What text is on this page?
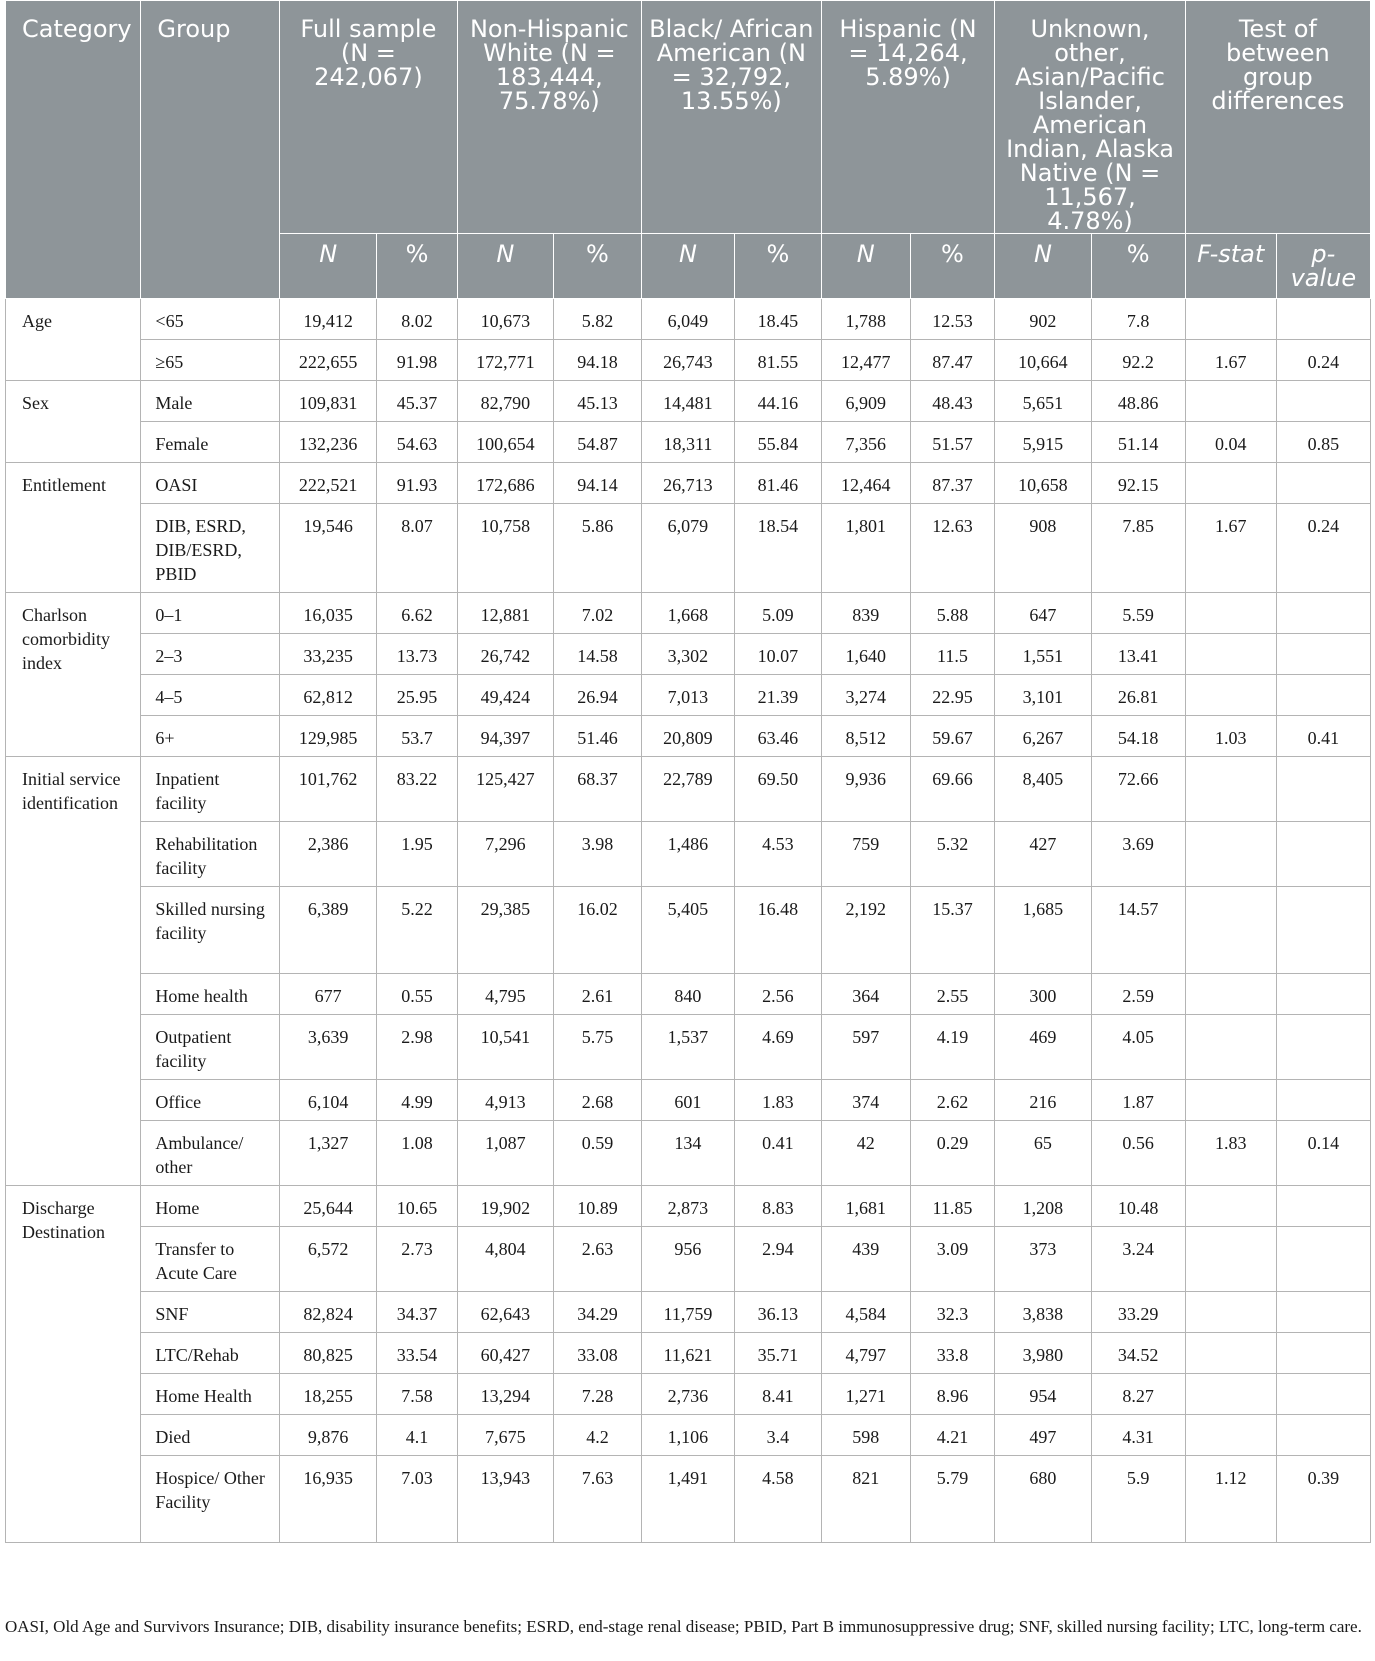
Category	Group	Full sample (N = 242,067)		Non-Hispanic White (N = 183,444, 75.78%)		Black/ African American (N = 32,792, 13.55%)		Hispanic (N = 14,264, 5.89%)		Unknown, other, Asian/Pacific Islander, American Indian, Alaska Native (N = 11,567, 4.78%)		Test of between group differences	
		N	%	N	%	N	%	N	%	N	%	F-stat	p-value
Age	<65	19,412	8.02	10,673	5.82	6,049	18.45	1,788	12.53	902	7.8		
	≥65	222,655	91.98	172,771	94.18	26,743	81.55	12,477	87.47	10,664	92.2	1.67	0.24
Sex	Male	109,831	45.37	82,790	45.13	14,481	44.16	6,909	48.43	5,651	48.86		
	Female	132,236	54.63	100,654	54.87	18,311	55.84	7,356	51.57	5,915	51.14	0.04	0.85
Entitlement	OASI	222,521	91.93	172,686	94.14	26,713	81.46	12,464	87.37	10,658	92.15		
	DIB, ESRD, DIB/ESRD, PBID	19,546	8.07	10,758	5.86	6,079	18.54	1,801	12.63	908	7.85	1.67	0.24
Charlson comorbidity index	0–1	16,035	6.62	12,881	7.02	1,668	5.09	839	5.88	647	5.59		
	2–3	33,235	13.73	26,742	14.58	3,302	10.07	1,640	11.5	1,551	13.41		
	4–5	62,812	25.95	49,424	26.94	7,013	21.39	3,274	22.95	3,101	26.81		
	6+	129,985	53.7	94,397	51.46	20,809	63.46	8,512	59.67	6,267	54.18	1.03	0.41
Initial service identification	Inpatient facility	101,762	83.22	125,427	68.37	22,789	69.50	9,936	69.66	8,405	72.66		
	Rehabilitation facility	2,386	1.95	7,296	3.98	1,486	4.53	759	5.32	427	3.69		
	Skilled nursing facility	6,389	5.22	29,385	16.02	5,405	16.48	2,192	15.37	1,685	14.57		
	Home health	677	0.55	4,795	2.61	840	2.56	364	2.55	300	2.59		
	Outpatient facility	3,639	2.98	10,541	5.75	1,537	4.69	597	4.19	469	4.05		
	Office	6,104	4.99	4,913	2.68	601	1.83	374	2.62	216	1.87		
	Ambulance/ other	1,327	1.08	1,087	0.59	134	0.41	42	0.29	65	0.56	1.83	0.14
Discharge Destination	Home	25,644	10.65	19,902	10.89	2,873	8.83	1,681	11.85	1,208	10.48		
	Transfer to Acute Care	6,572	2.73	4,804	2.63	956	2.94	439	3.09	373	3.24		
	SNF	82,824	34.37	62,643	34.29	11,759	36.13	4,584	32.3	3,838	33.29		
	LTC/Rehab	80,825	33.54	60,427	33.08	11,621	35.71	4,797	33.8	3,980	34.52		
	Home Health	18,255	7.58	13,294	7.28	2,736	8.41	1,271	8.96	954	8.27		
	Died	9,876	4.1	7,675	4.2	1,106	3.4	598	4.21	497	4.31		
	Hospice/ Other Facility	16,935	7.03	13,943	7.63	1,491	4.58	821	5.79	680	5.9	1.12	0.39
OASI, Old Age and Survivors Insurance; DIB, disability insurance benefits; ESRD, end-stage renal disease; PBID, Part B immunosuppressive drug; SNF, skilled nursing facility; LTC, long-term care.
